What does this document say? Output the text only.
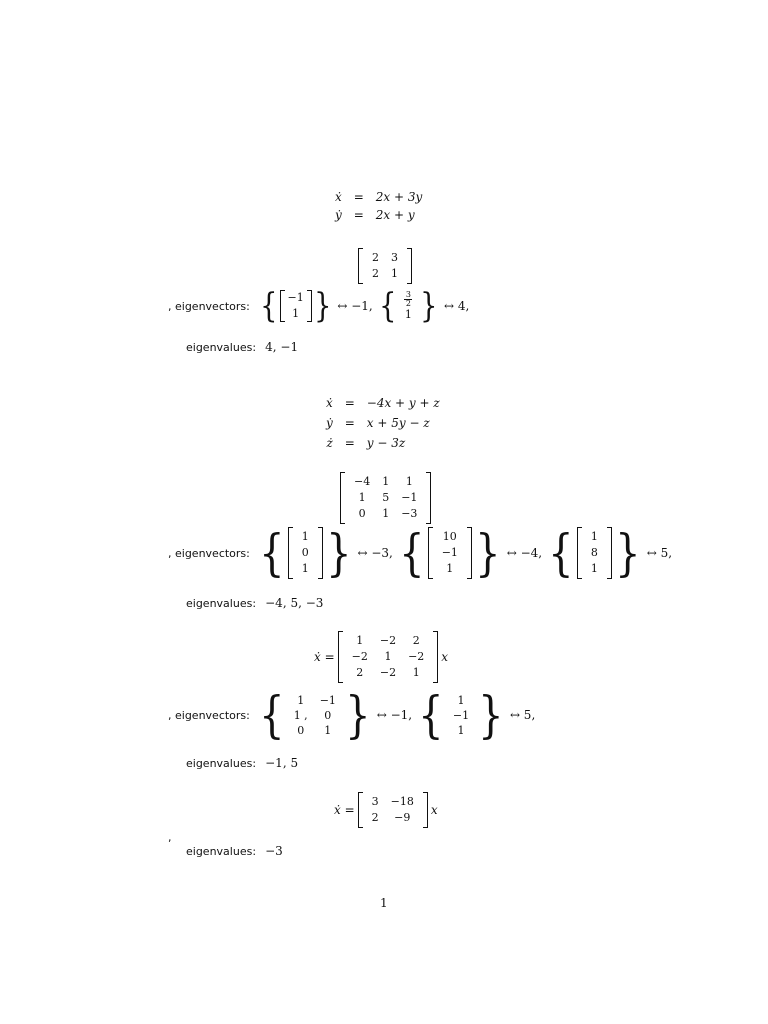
ẋ = 2x + 3y
ẏ = 2x + y
2	3
2	1
, eigenvectors: { −1
1 } ↔ −1, { $\frac{3}{2}$
1 } ↔ 4,
eigenvalues: 4, −1
ẋ = −4x + y + z
ẏ = x + 5y − z
ż = y − 3z
−4	1	1
1	5	−1
0	1	−3
, eigenvectors: { 1
0
1 } ↔ −3, { 10
−1
1 } ↔ −4, { 1
8
1 } ↔ 5,
eigenvalues: −4, 5, −3
ẋ =
1	−2	2
−2	1	−2
2	−2	1
x
, eigenvectors: { 1	−1
1 ,	0
0	1 } ↔ −1, { 1
−1
1 } ↔ 5,
eigenvalues: −1, 5
ẋ =
3	−18
2	−9
x
,
eigenvalues: −3
1
